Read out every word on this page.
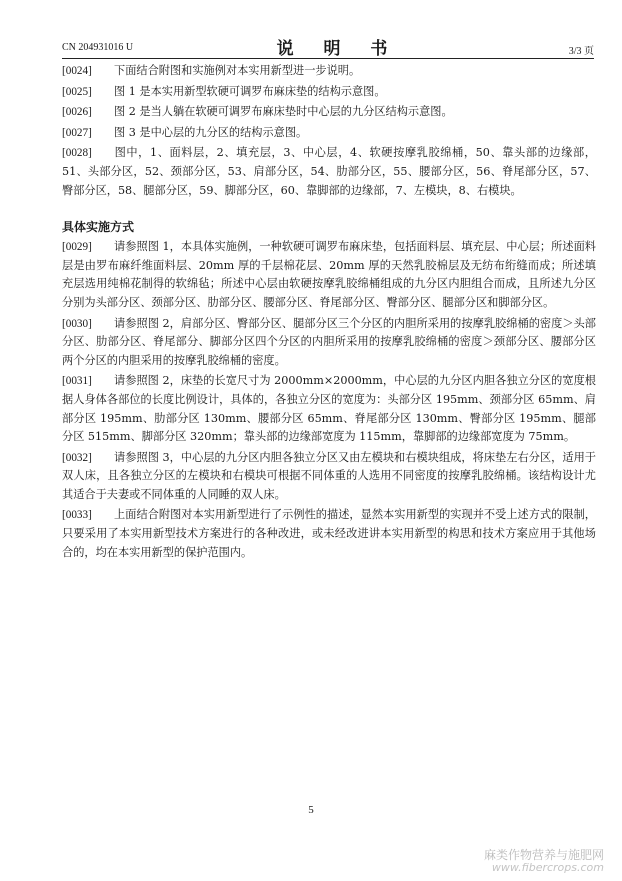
CN 204931016 U	说 明 书	3/3 页

[0024] 下面结合附图和实施例对本实用新型进一步说明。

[0025] 图 1 是本实用新型软硬可调罗布麻床垫的结构示意图。

[0026] 图 2 是当人躺在软硬可调罗布麻床垫时中心层的九分区结构示意图。

[0027] 图 3 是中心层的九分区的结构示意图。

[0028] 图中，1、面料层，2、填充层，3、中心层，4、软硬按摩乳胶绵桶，50、靠头部的边缘部，51、头部分区，52、颈部分区，53、肩部分区，54、肋部分区，55、腰部分区，56、脊尾部分区，57、臀部分区，58、腿部分区，59、脚部分区，60、靠脚部的边缘部，7、左模块，8、右模块。

具体实施方式

[0029] 请参照图 1，本具体实施例，一种软硬可调罗布麻床垫，包括面料层、填充层、中心层；所述面料层是由罗布麻纤维面料层、20mm 厚的千层棉花层、20mm 厚的天然乳胶棉层及无纺布绗缝而成；所述填充层选用纯棉花制得的软绵毡；所述中心层由软硬按摩乳胶绵桶组成的九分区内胆组合而成，且所述九分区分别为头部分区、颈部分区、肋部分区、腰部分区、脊尾部分区、臀部分区、腿部分区和脚部分区。

[0030] 请参照图 2，肩部分区、臀部分区、腿部分区三个分区的内胆所采用的按摩乳胶绵桶的密度＞头部分区、肋部分区、脊尾部分、脚部分区四个分区的内胆所采用的按摩乳胶绵桶的密度＞颈部分区、腰部分区两个分区的内胆采用的按摩乳胶绵桶的密度。

[0031] 请参照图 2，床垫的长宽尺寸为 2000mm×2000mm，中心层的九分区内胆各独立分区的宽度根据人身体各部位的长度比例设计，具体的，各独立分区的宽度为：头部分区 195mm、颈部分区 65mm、肩部分区 195mm、肋部分区 130mm、腰部分区 65mm、脊尾部分区 130mm、臀部分区 195mm、腿部分区 515mm、脚部分区 320mm；靠头部的边缘部宽度为 115mm，靠脚部的边缘部宽度为 75mm。

[0032] 请参照图 3，中心层的九分区内胆各独立分区又由左模块和右模块组成，将床垫左右分区，适用于双人床，且各独立分区的左模块和右模块可根据不同体重的人选用不同密度的按摩乳胶绵桶。该结构设计尤其适合于夫妻或不同体重的人同睡的双人床。

[0033] 上面结合附图对本实用新型进行了示例性的描述，显然本实用新型的实现并不受上述方式的限制，只要采用了本实用新型技术方案进行的各种改进，或未经改进讲本实用新型的构思和技术方案应用于其他场合的，均在本实用新型的保护范围内。

5
麻类作物营养与施肥网
www.fibercrops.com
